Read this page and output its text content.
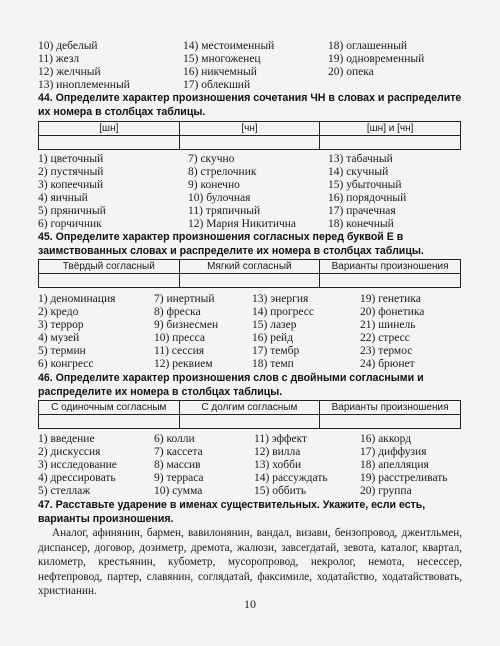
10) дебелый	14) местоименный	18) оглашенный
11) жезл	15) многоженец	19) одновременный
12) желчный	16) никчемный	20) опека
13) иноплеменный	17) облекший
44. Определите характер произношения сочетания ЧН в словах и распределите их номера в столбцах таблицы.
[шн]	[чн]	[шн] и [чн]

1) цветочный	7) скучно	13) табачный
2) пустячный	8) стрелочник	14) скучный
3) копеечный	9) конечно	15) убыточный
4) яичный	10) булочная	16) порядочный
5) пряничный	11) тряпичный	17) прачечная
6) горчичник	12) Мария Никитична	18) конечный
45. Определите характер произношения согласных перед буквой Е в заимствованных словах и распределите их номера в столбцах таблицы.
Твёрдый согласный	Мягкий согласный	Варианты произношения

1) деноминация	7) инертный	13) энергия	19) генетика
2) кредо	8) фреска	14) прогресс	20) фонетика
3) террор	9) бизнесмен	15) лазер	21) шинель
4) музей	10) пресса	16) рейд	22) стресс
5) термин	11) сессия	17) тембр	23) термос
6) конгресс	12) реквием	18) темп	24) брюнет
46. Определите характер произношения слов с двойными согласными и распределите их номера в столбцах таблицы.
С одиночным согласным	С долгим согласным	Варианты произношения

1) введение	6) колли	11) эффект	16) аккорд
2) дискуссия	7) кассета	12) вилла	17) диффузия
3) исследование	8) массив	13) хобби	18) апелляция
4) дрессировать	9) терраса	14) рассуждать	19) расстреливать
5) стеллаж	10) сумма	15) оббить	20) группа
47. Расставьте ударение в именах существительных. Укажите, если есть, варианты произношения.
Аналог, афинянин, бармен, вавилонянин, вандал, визави, бензопровод, джентльмен, диспансер, договор, дозиметр, дремота, жалюзи, завсегдатай, зевота, каталог, квартал, километр, крестьянин, кубометр, мусоропровод, некролог, немота, несессер, нефтепровод, партер, славянин, соглядатай, факсимиле, ходатайство, ходатайствовать, христианин.
10
